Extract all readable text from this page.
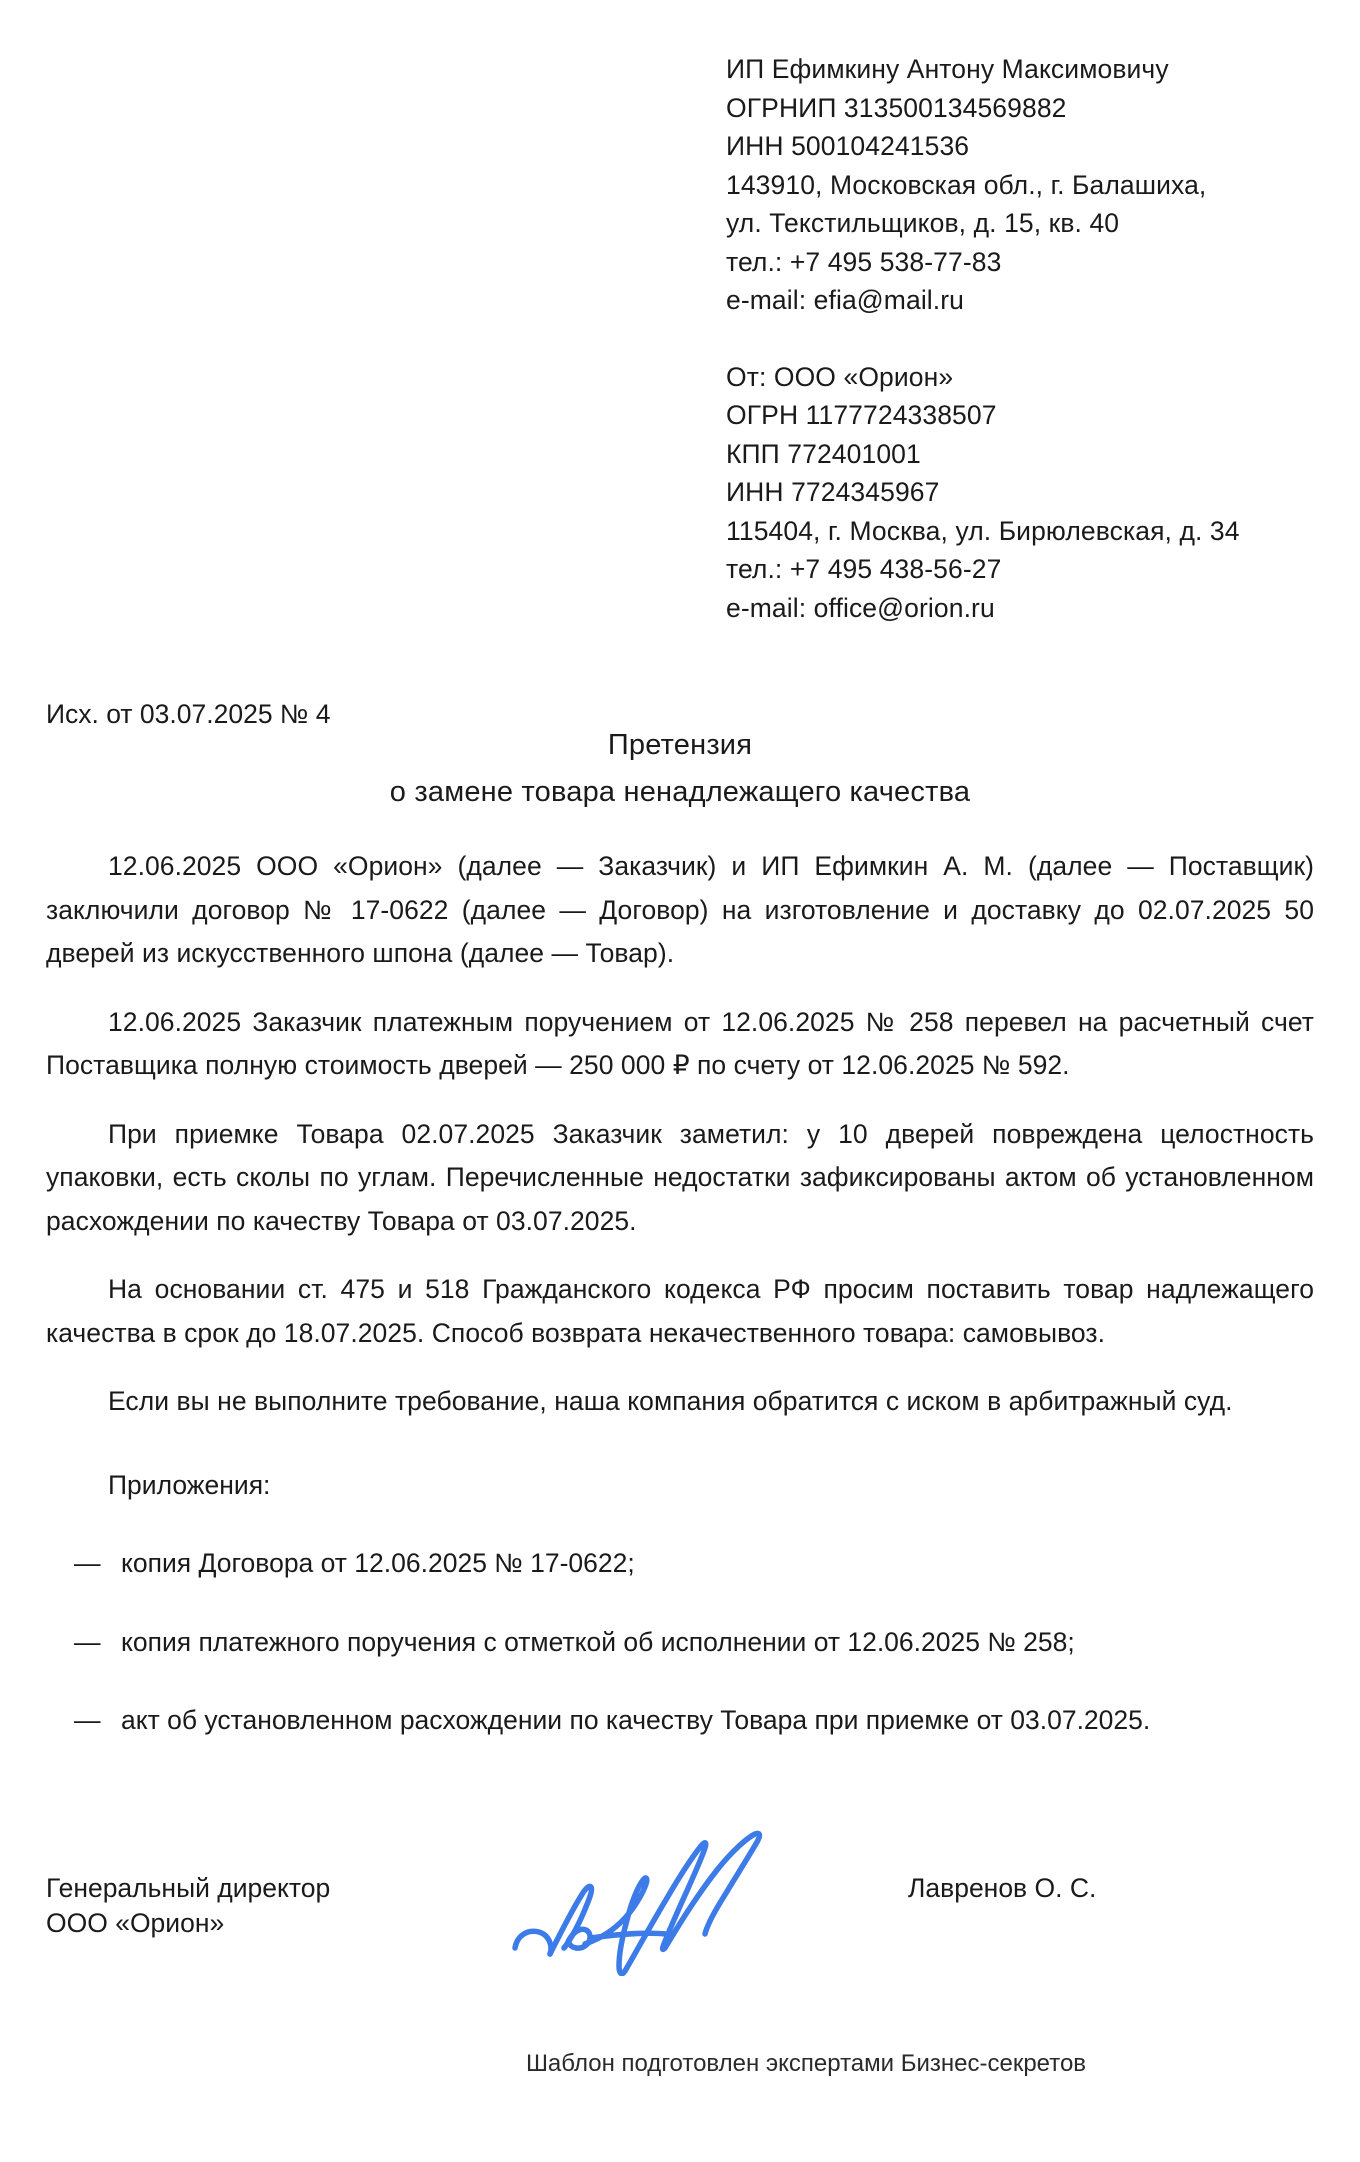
ИП Ефимкину Антону Максимовичу
ОГРНИП 313500134569882
ИНН 500104241536
143910, Московская обл., г. Балашиха,
ул. Текстильщиков, д. 15, кв. 40
тел.: +7 495 538-77-83
e-mail: efia@mail.ru
От: ООО «Орион»
ОГРН 1177724338507
КПП 772401001
ИНН 7724345967
115404, г. Москва, ул. Бирюлевская, д. 34
тел.: +7 495 438-56-27
e-mail: office@orion.ru
Исх. от 03.07.2025 № 4
Претензия
о замене товара ненадлежащего качества

12.06.2025 ООО «Орион» (далее — Заказчик) и ИП Ефимкин А. М. (далее — Поставщик) заключили договор № 17-0622 (далее — Договор) на изготовление и доставку до 02.07.2025 50 дверей из искусственного шпона (далее — Товар).

12.06.2025 Заказчик платежным поручением от 12.06.2025 № 258 перевел на расчетный счет Поставщика полную стоимость дверей — 250 000 ₽ по счету от 12.06.2025 № 592.

При приемке Товара 02.07.2025 Заказчик заметил: у 10 дверей повреждена целостность упаковки, есть сколы по углам. Перечисленные недостатки зафиксированы актом об установленном расхождении по качеству Товара от 03.07.2025.

На основании ст. 475 и 518 Гражданского кодекса РФ просим поставить товар надлежащего качества в срок до 18.07.2025. Способ возврата некачественного товара: самовывоз.

Если вы не выполните требование, наша компания обратится с иском в арбитражный суд.

Приложения:

— копия Договора от 12.06.2025 № 17-0622;
— копия платежного поручения с отметкой об исполнении от 12.06.2025 № 258;
— акт об установленном расхождении по качеству Товара при приемке от 03.07.2025.
Генеральный директор
ООО «Орион»
Лавренов О. С.
Шаблон подготовлен экспертами Бизнес-секретов
